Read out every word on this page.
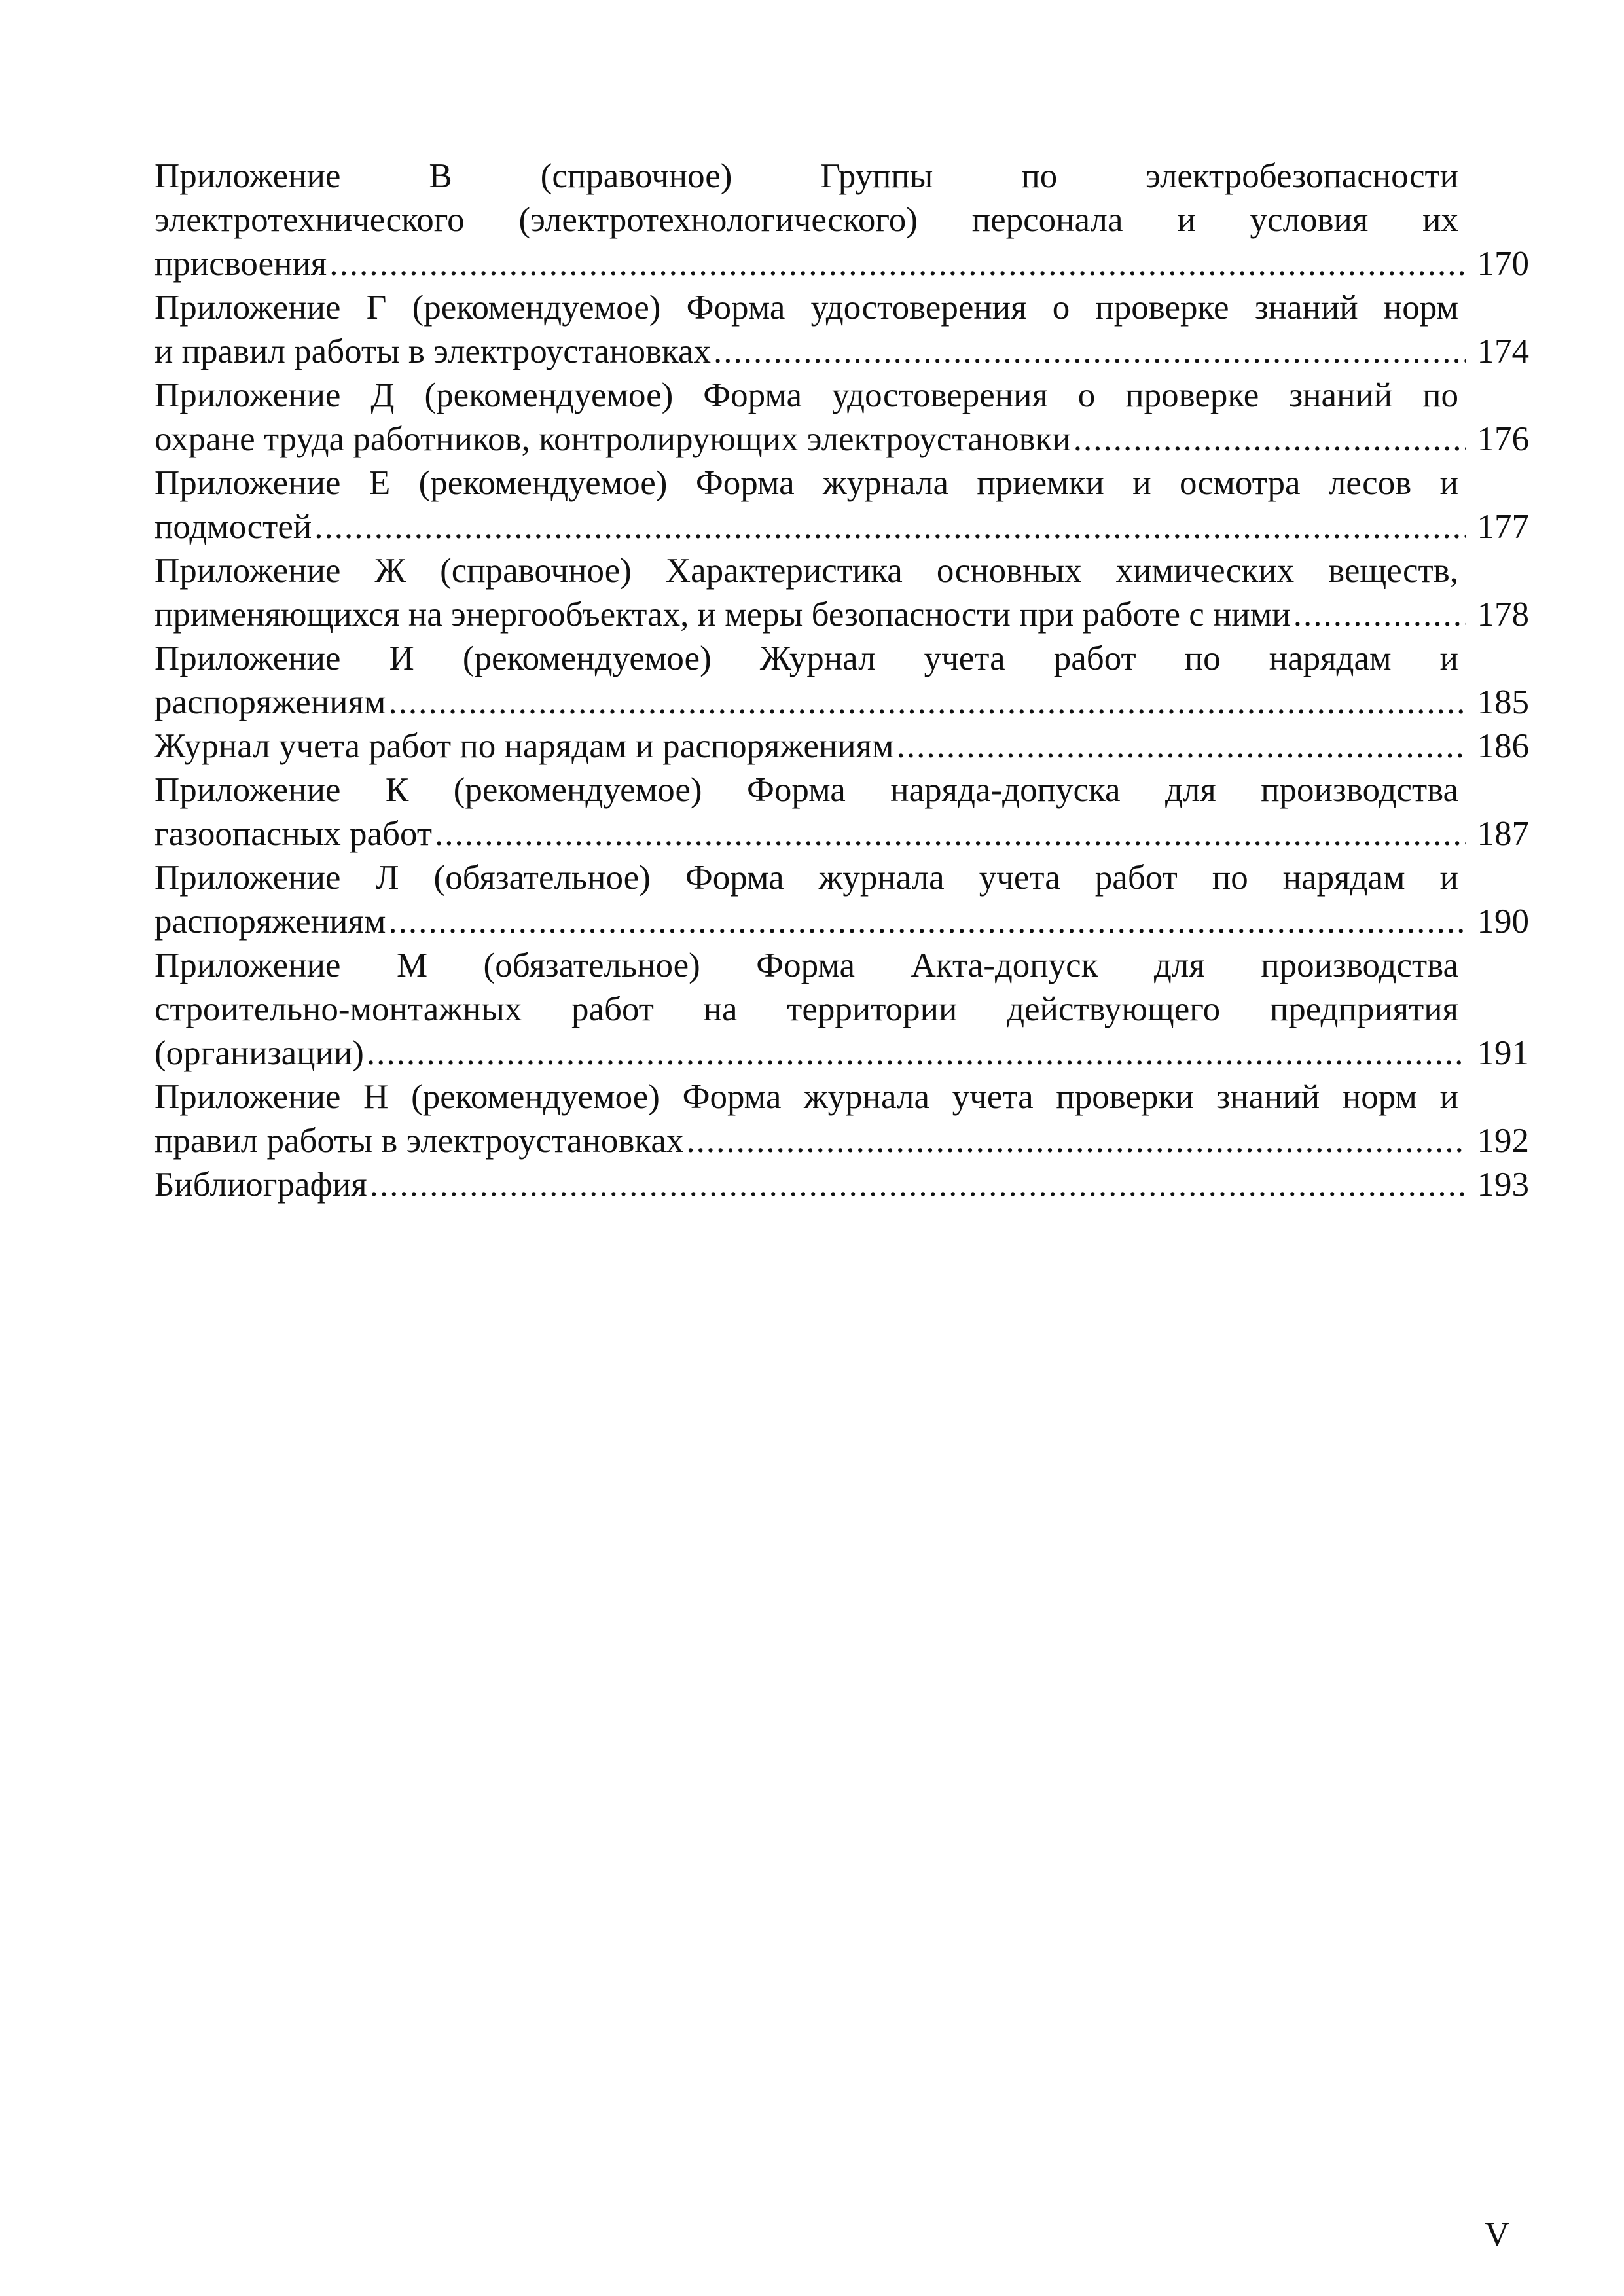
Приложение В (справочное) Группы по электробезопасности
электротехнического (электротехнологического) персонала и условия их
присвоения .....	170
Приложение Г (рекомендуемое) Форма удостоверения о проверке знаний норм
и правил работы в электроустановках .....	174
Приложение Д (рекомендуемое) Форма удостоверения о проверке знаний по
охране труда работников, контролирующих электроустановки .....	176
Приложение Е (рекомендуемое) Форма журнала приемки и осмотра лесов и
подмостей .....	177
Приложение Ж (справочное) Характеристика основных химических веществ,
применяющихся на энергообъектах, и меры безопасности при работе с ними .....	178
Приложение И (рекомендуемое) Журнал учета работ по нарядам и
распоряжениям .....	185
Журнал учета работ по нарядам и распоряжениям .....	186
Приложение К (рекомендуемое) Форма наряда-допуска для производства
газоопасных работ .....	187
Приложение Л (обязательное) Форма журнала учета работ по нарядам и
распоряжениям .....	190
Приложение М (обязательное) Форма Акта-допуск для производства
строительно-монтажных работ на территории действующего предприятия
(организации) .....	191
Приложение Н (рекомендуемое) Форма журнала учета проверки знаний норм и
правил работы в электроустановках .....	192
Библиография .....	193
V
